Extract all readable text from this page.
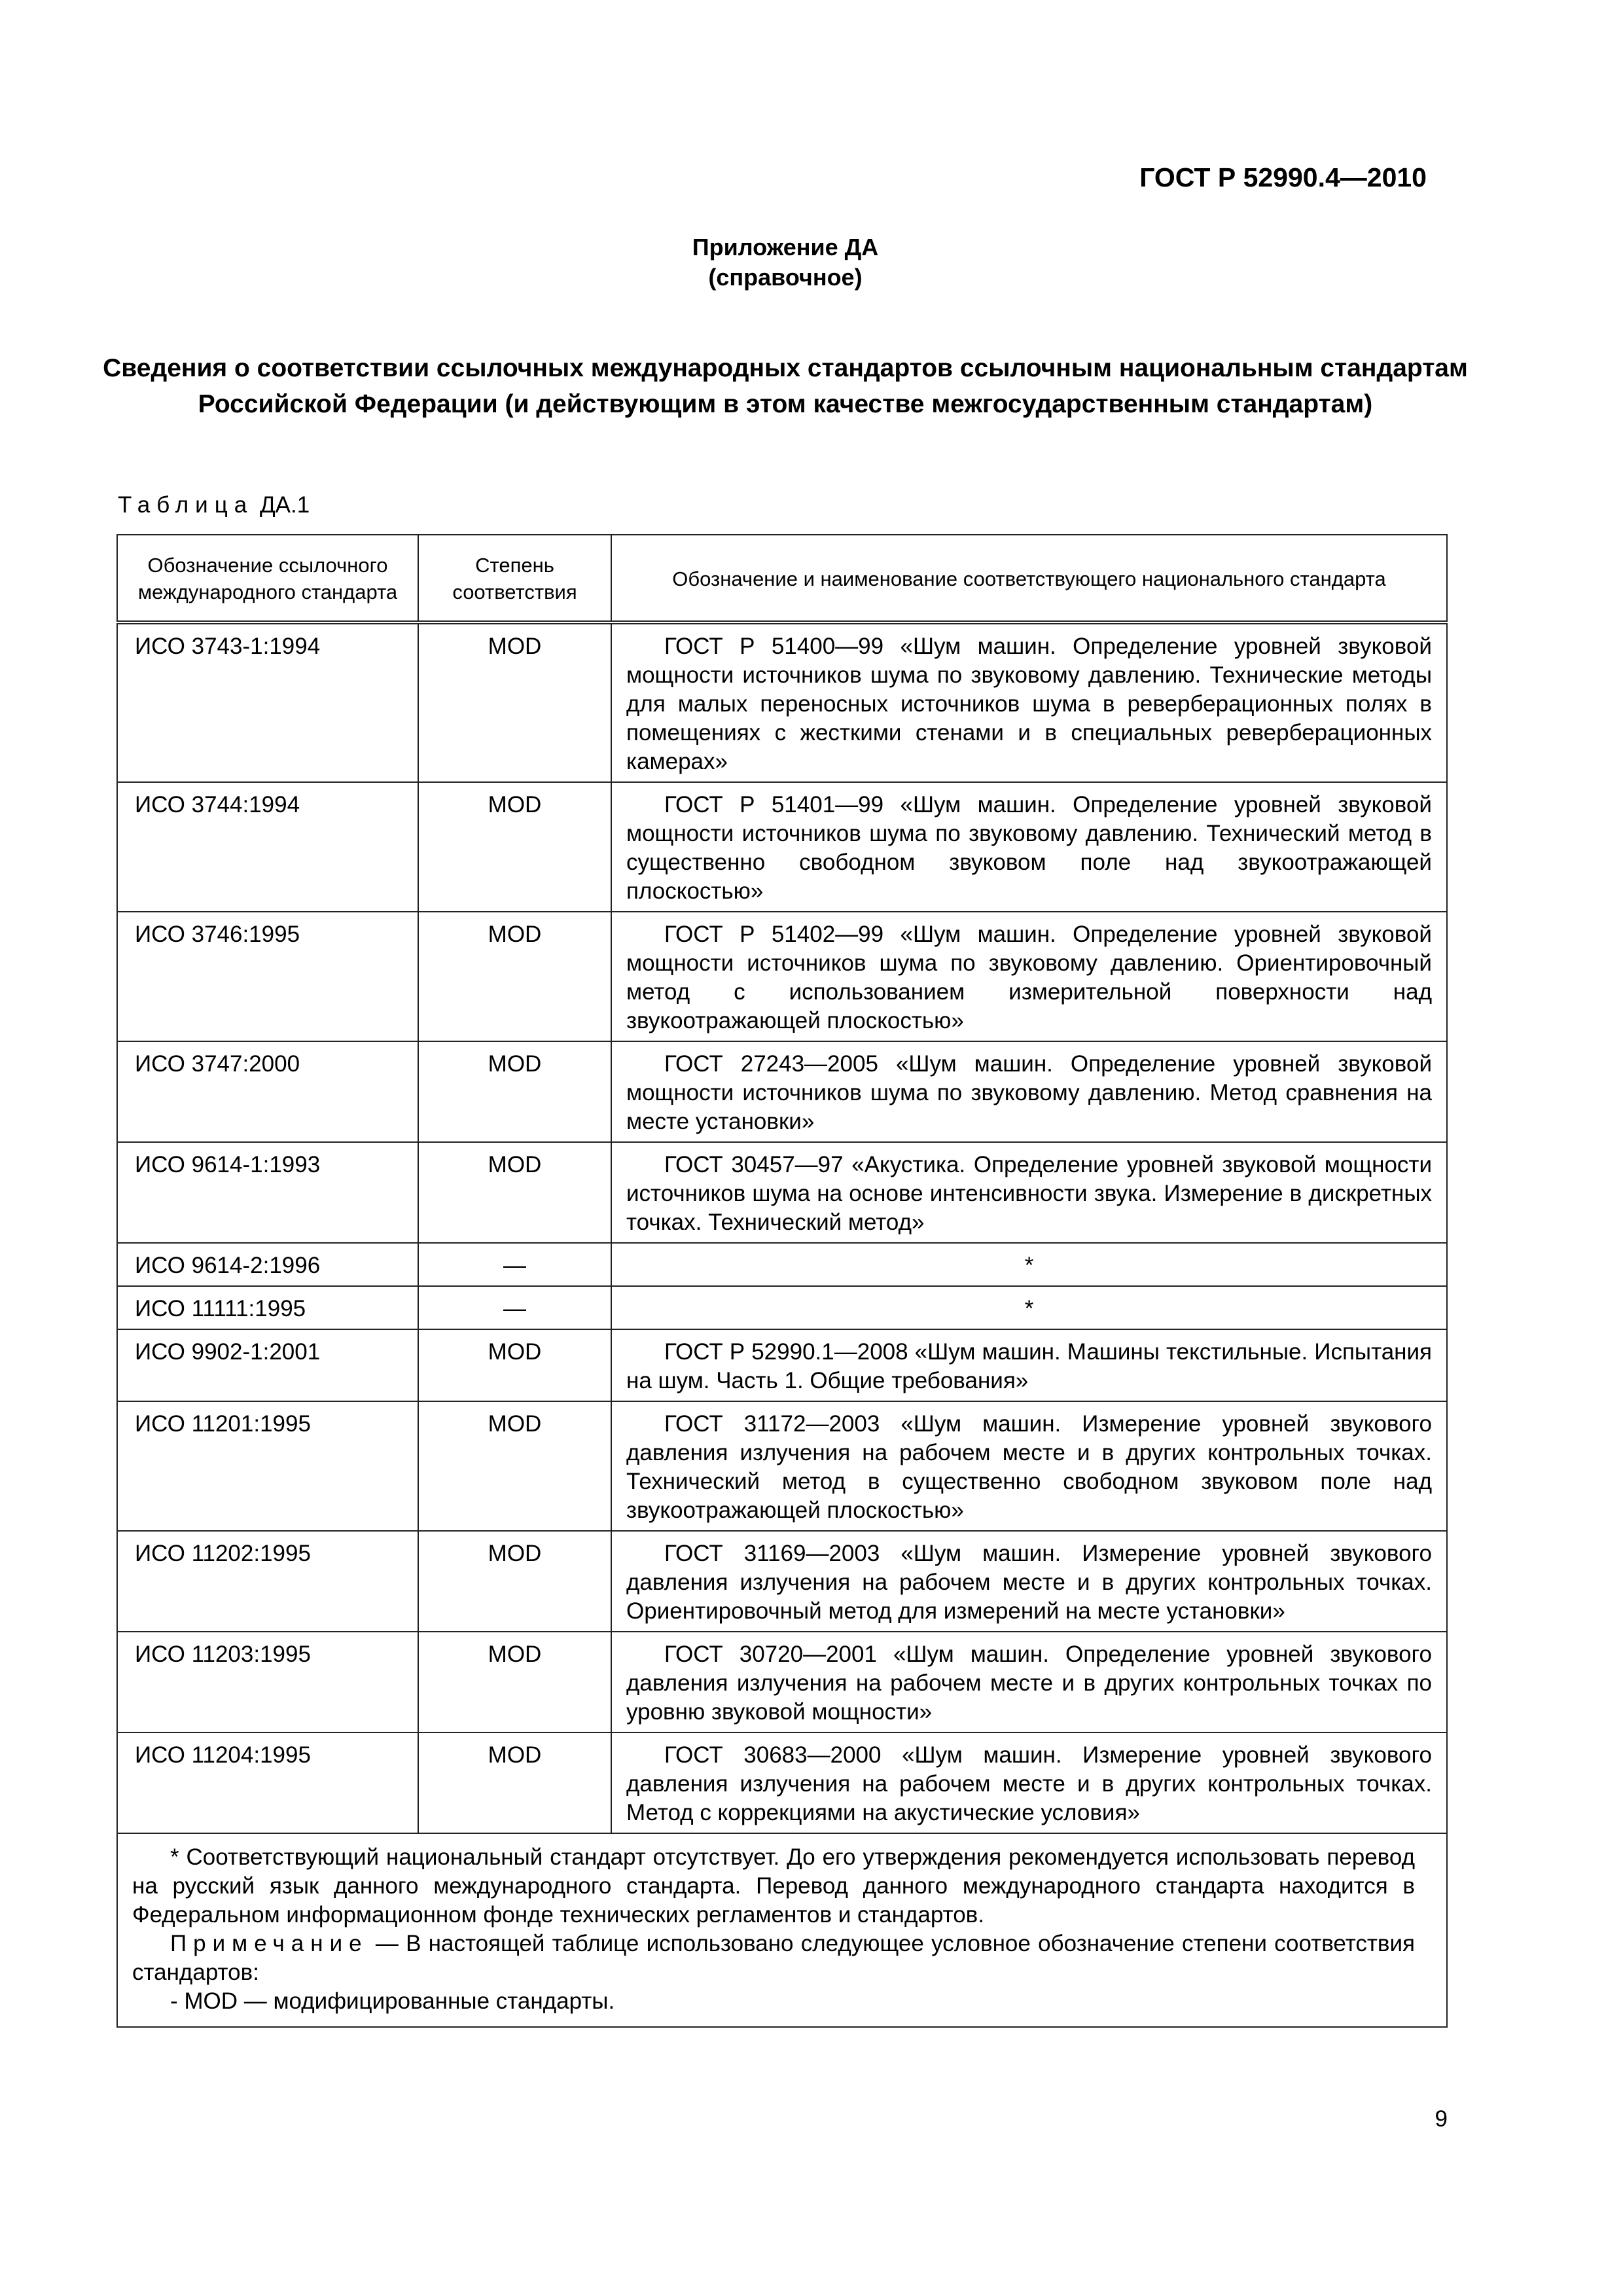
ГОСТ Р 52990.4—2010
Приложение ДА
(справочное)
Сведения о соответствии ссылочных международных стандартов ссылочным национальным стандартам Российской Федерации (и действующим в этом качестве межгосударственным стандартам)
Таблица ДА.1
Обозначение ссылочного международного стандарта	Степень соответствия	Обозначение и наименование соответствующего национального стандарта
ИСО 3743-1:1994	MOD	ГОСТ Р 51400—99 «Шум машин. Определение уровней звуковой мощности источников шума по звуковому давлению. Технические методы для малых переносных источников шума в реверберационных полях в помещениях с жесткими стенами и в специальных реверберационных камерах»
ИСО 3744:1994	MOD	ГОСТ Р 51401—99 «Шум машин. Определение уровней звуковой мощности источников шума по звуковому давлению. Технический метод в существенно свободном звуковом поле над звукоотражающей плоскостью»
ИСО 3746:1995	MOD	ГОСТ Р 51402—99 «Шум машин. Определение уровней звуковой мощности источников шума по звуковому давлению. Ориентировочный метод с использованием измерительной поверхности над звукоотражающей плоскостью»
ИСО 3747:2000	MOD	ГОСТ 27243—2005 «Шум машин. Определение уровней звуковой мощности источников шума по звуковому давлению. Метод сравнения на месте установки»
ИСО 9614-1:1993	MOD	ГОСТ 30457—97 «Акустика. Определение уровней звуковой мощности источников шума на основе интенсивности звука. Измерение в дискретных точках. Технический метод»
ИСО 9614-2:1996	—	*
ИСО 11111:1995	—	*
ИСО 9902-1:2001	MOD	ГОСТ Р 52990.1—2008 «Шум машин. Машины текстильные. Испытания на шум. Часть 1. Общие требования»
ИСО 11201:1995	MOD	ГОСТ 31172—2003 «Шум машин. Измерение уровней звукового давления излучения на рабочем месте и в других контрольных точках. Технический метод в существенно свободном звуковом поле над звукоотражающей плоскостью»
ИСО 11202:1995	MOD	ГОСТ 31169—2003 «Шум машин. Измерение уровней звукового давления излучения на рабочем месте и в других контрольных точках. Ориентировочный метод для измерений на месте установки»
ИСО 11203:1995	MOD	ГОСТ 30720—2001 «Шум машин. Определение уровней звукового давления излучения на рабочем месте и в других контрольных точках по уровню звуковой мощности»
ИСО 11204:1995	MOD	ГОСТ 30683—2000 «Шум машин. Измерение уровней звукового давления излучения на рабочем месте и в других контрольных точках. Метод с коррекциями на акустические условия»

* Соответствующий национальный стандарт отсутствует. До его утверждения рекомендуется использовать перевод на русский язык данного международного стандарта. Перевод данного международного стандарта находится в Федеральном информационном фонде технических регламентов и стандартов.

Примечание — В настоящей таблице использовано следующее условное обозначение степени соответствия стандартов:

- MOD — модифицированные стандарты.		

9
